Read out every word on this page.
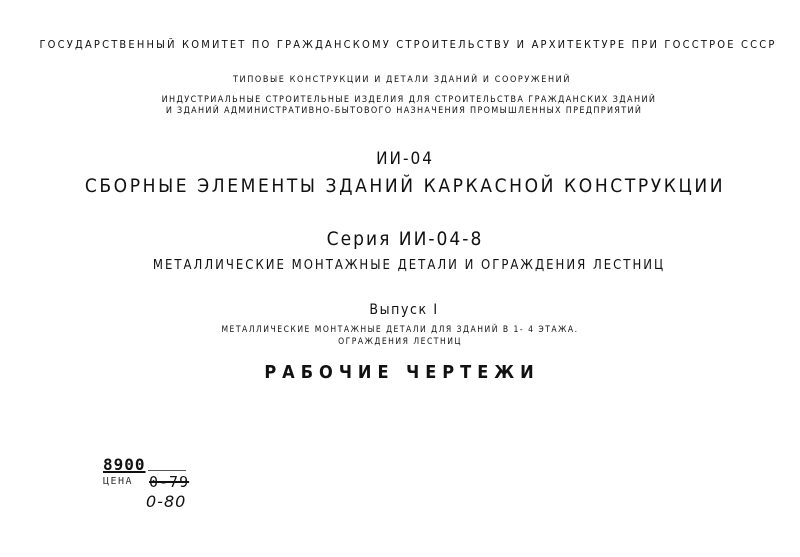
ГОСУДАРСТВЕННЫЙ КОМИТЕТ ПО ГРАЖДАНСКОМУ СТРОИТЕЛЬСТВУ И АРХИТЕКТУРЕ ПРИ ГОССТРОЕ СССР
ТИПОВЫЕ КОНСТРУКЦИИ И ДЕТАЛИ ЗДАНИЙ И СООРУЖЕНИЙ
ИНДУСТРИАЛЬНЫЕ СТРОИТЕЛЬНЫЕ ИЗДЕЛИЯ ДЛЯ СТРОИТЕЛЬСТВА ГРАЖДАНСКИХ ЗДАНИЙ
И ЗДАНИЙ АДМИНИСТРАТИВНО-БЫТОВОГО НАЗНАЧЕНИЯ ПРОМЫШЛЕННЫХ ПРЕДПРИЯТИЙ
ИИ-04
СБОРНЫЕ ЭЛЕМЕНТЫ ЗДАНИЙ КАРКАСНОЙ КОНСТРУКЦИИ
Серия ИИ-04-8
МЕТАЛЛИЧЕСКИЕ МОНТАЖНЫЕ ДЕТАЛИ И ОГРАЖДЕНИЯ ЛЕСТНИЦ
Выпуск I
МЕТАЛЛИЧЕСКИЕ МОНТАЖНЫЕ ДЕТАЛИ ДЛЯ ЗДАНИЙ В 1- 4 ЭТАЖА.
ОГРАЖДЕНИЯ ЛЕСТНИЦ
РАБОЧИЕ ЧЕРТЕЖИ
8900
ЦЕНА 0-79
0-80
